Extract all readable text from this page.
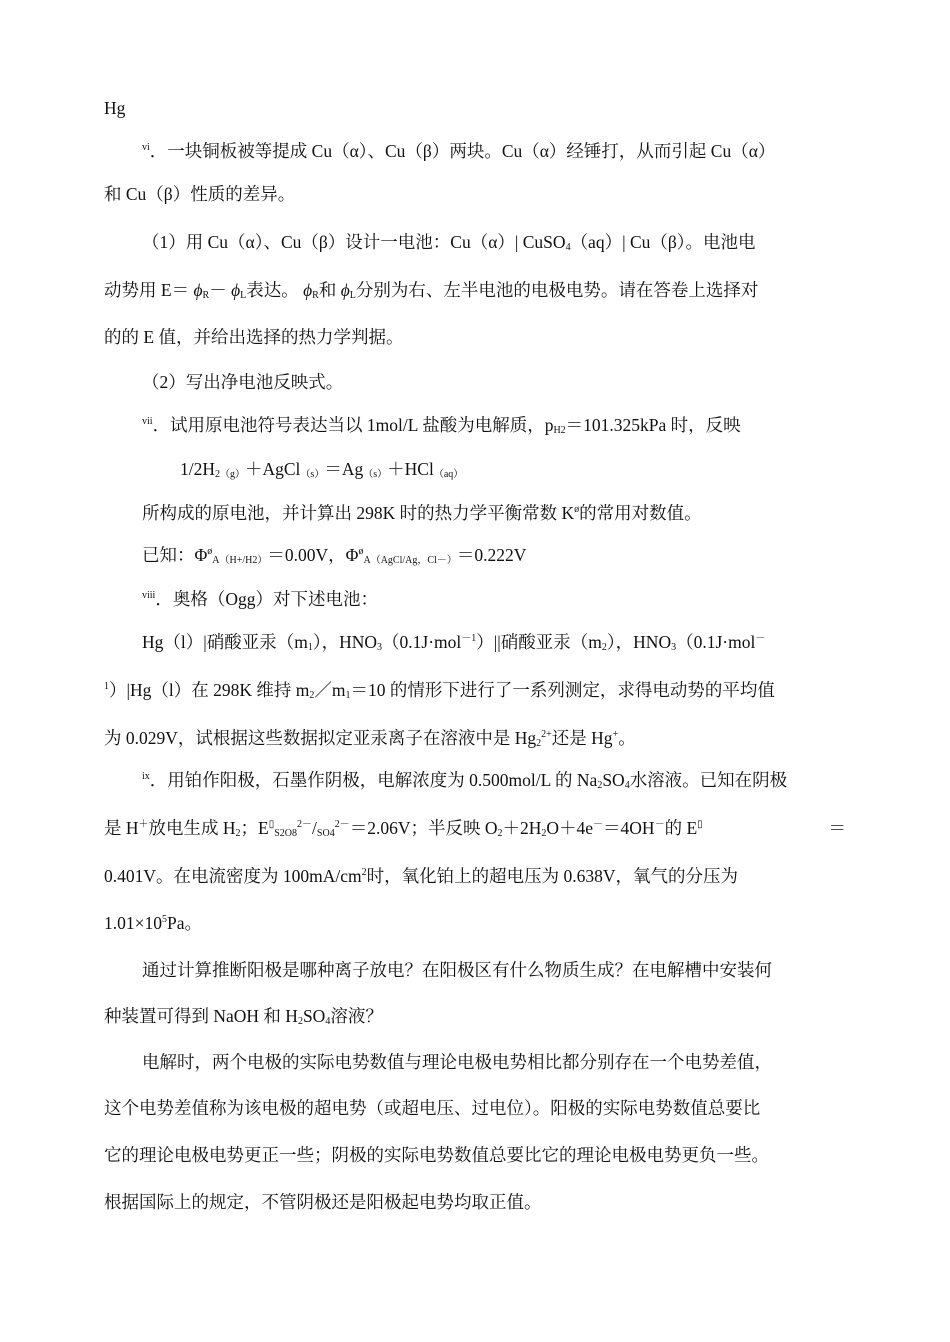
Hg
$^{vi}$．一块铜板被等提成 Cu（α）、Cu（β）两块。Cu（α）经锤打，从而引起 Cu（α）
和 Cu（β）性质的差异。
（1）用 Cu（α）、Cu（β）设计一电池：Cu（α）| CuSO$_4$（aq）| Cu（β）。电池电
动势用 $E= \phi_R- \phi_L$表达。 $\phi_R$和 $\phi_L$分别为右、左半电池的电极电势。请在答卷上选择对
的的 E 值，并给出选择的热力学判据。
（2）写出净电池反映式。
$^{vii}$．试用原电池符号表达当以 1mol/L 盐酸为电解质，$p_{H2}=101.325kPa$ 时，反映
$1/2H_{2(g)}+AgCl_{(s)}=Ag_{(s)}+HCl_{(aq)}$
所构成的原电池，并计算出 298K 时的热力学平衡常数 $K^ø$的常用对数值。
已知：$\Phi^ø_{A(H+/H2)}=0.00V$，$\Phi^ø_{A(AgCl/Ag,Cl-)}=0.222V$
$^{viii}$．奥格（Ogg）对下述电池：
Hg（l）|硝酸亚汞$(m_1)$，$HNO_3(0.1J\cdot mol^{-1})||$硝酸亚汞$(m_2)$，$HNO_3(0.1J\cdot mol^-$
$^1$）|Hg（l）在 298K 维持 $m_2/m_1=10$ 的情形下进行了一系列测定，求得电动势的平均值
为 0.029V，试根据这些数据拟定亚汞离子在溶液中是 $Hg_2^{2+}$还是 Hg+。
$^{ix}$．用铂作阳极，石墨作阴极，电解浓度为 0.500mol/L 的 $Na_2SO_4$水溶液。已知在阴极
是 H＋放电生成 $H_2$；$E^▯_{S2O8}^{2-}/_{SO4}^{2-}=2.06V$；半反映 $O_2+2H_2O+4e^-=4OH^-$的 E▯	＝
0.401V。在电流密度为 $100mA/cm^2$时，氧化铂上的超电压为 0.638V，氧气的分压为
$1.01\times 10^5Pa$。
通过计算推断阳极是哪种离子放电？在阳极区有什么物质生成？在电解槽中安装何
种装置可得到 NaOH 和 $H_2SO_4$溶液？
电解时，两个电极的实际电势数值与理论电极电势相比都分别存在一个电势差值，
这个电势差值称为该电极的超电势（或超电压、过电位）。阳极的实际电势数值总要比
它的理论电极电势更正一些；阴极的实际电势数值总要比它的理论电极电势更负一些。
根据国际上的规定，不管阴极还是阳极起电势均取正值。
